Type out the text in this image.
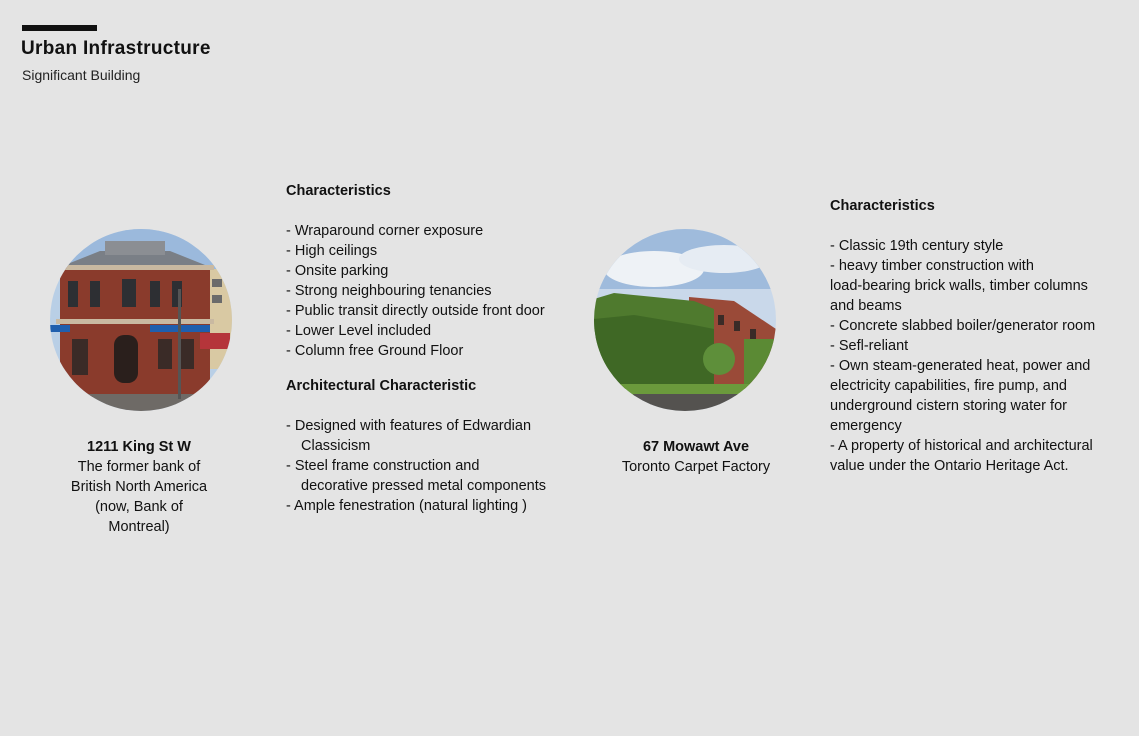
Urban Infrastructure
Significant Building
1211 King St W
The former bank of
British North America
(now, Bank of
Montreal)
Characteristics
- Wraparound corner exposure
- High ceilings
- Onsite parking
- Strong neighbouring tenancies
- Public transit directly outside front door
- Lower Level included
- Column free Ground Floor
Architectural Characteristic
- Designed with features of Edwardian
Classicism
- Steel frame construction and
decorative pressed metal components
- Ample fenestration (natural lighting )
67 Mowawt Ave
Toronto Carpet Factory
Characteristics
- Classic 19th century style
- heavy timber construction with
load-bearing brick walls, timber columns
and beams
- Concrete slabbed boiler/generator room
- Sefl-reliant
- Own steam-generated heat, power and
electricity capabilities, fire pump, and
underground cistern storing water for
emergency
- A property of historical and architectural
value under the Ontario Heritage Act.
